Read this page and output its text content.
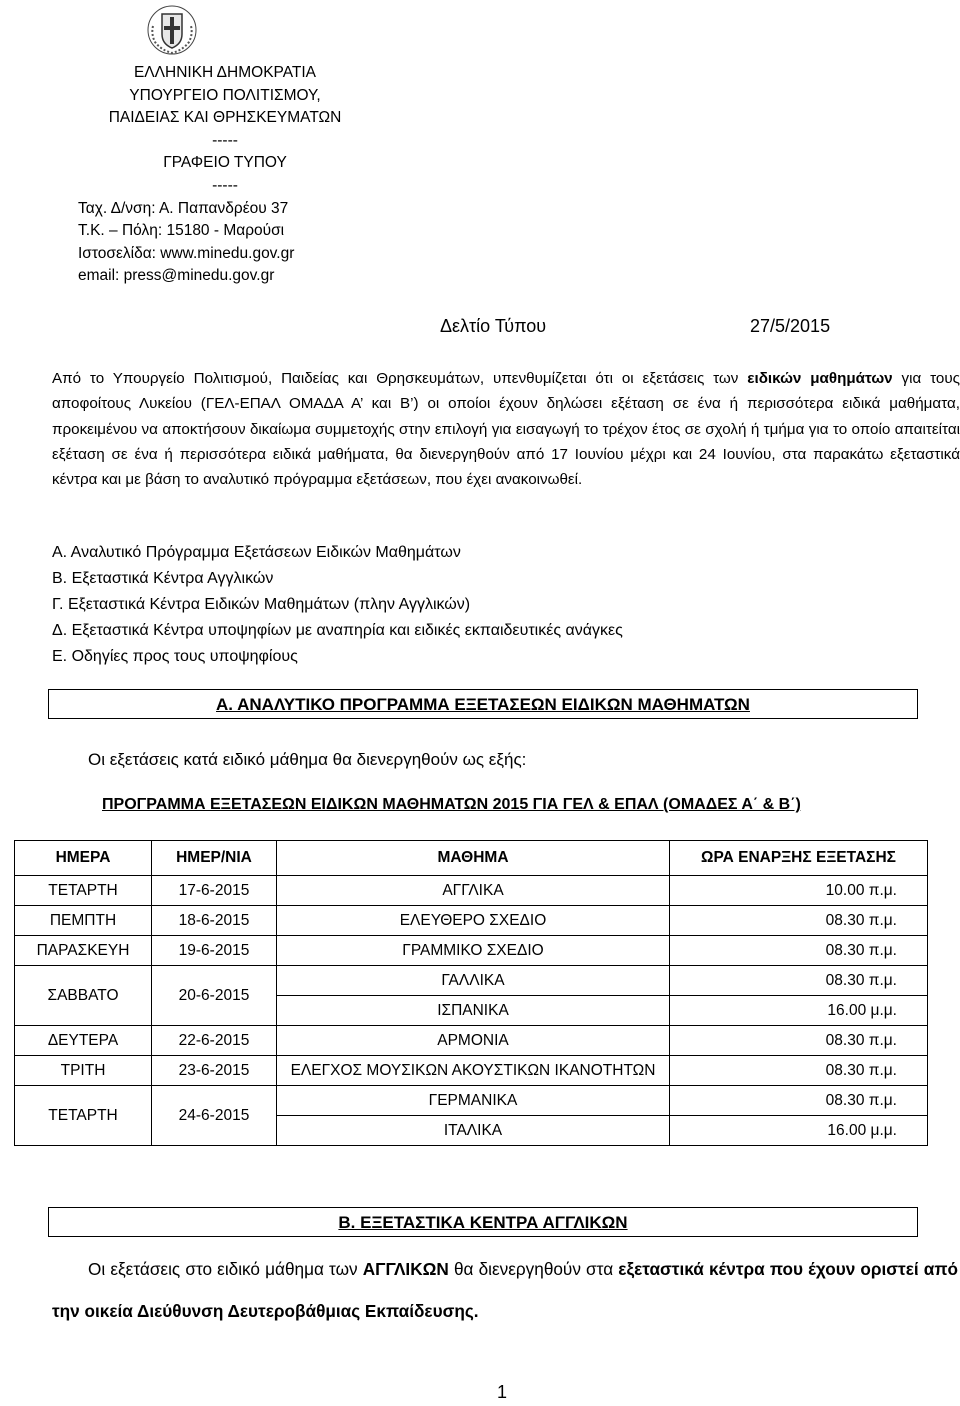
ΕΛΛΗΝΙΚΗ ΔΗΜΟΚΡΑΤΙΑ
ΥΠΟΥΡΓΕΙΟ ΠΟΛΙΤΙΣΜΟΥ,
ΠΑΙΔΕΙΑΣ ΚΑΙ ΘΡΗΣΚΕΥΜΑΤΩΝ
-----
ΓΡΑΦΕΙΟ ΤΥΠΟΥ
-----
Ταχ. Δ/νση: Α. Παπανδρέου 37
Τ.Κ. – Πόλη: 15180 - Μαρούσι
Ιστοσελίδα: www.minedu.gov.gr
email: press@minedu.gov.gr
Δελτίο Τύπου	27/5/2015
Από το Υπουργείο Πολιτισμού, Παιδείας και Θρησκευμάτων, υπενθυμίζεται ότι οι εξετάσεις των ειδικών μαθημάτων για τους αποφοίτους Λυκείου (ΓΕΛ-ΕΠΑΛ ΟΜΑΔΑ Α’ και Β’) οι οποίοι έχουν δηλώσει εξέταση σε ένα ή περισσότερα ειδικά μαθήματα, προκειμένου να αποκτήσουν δικαίωμα συμμετοχής στην επιλογή για εισαγωγή το τρέχον έτος σε σχολή ή τμήμα για το οποίο απαιτείται εξέταση σε ένα ή περισσότερα ειδικά μαθήματα, θα διενεργηθούν από 17 Ιουνίου μέχρι και 24 Ιουνίου, στα παρακάτω εξεταστικά κέντρα και με βάση το αναλυτικό πρόγραμμα εξετάσεων, που έχει ανακοινωθεί.
Α. Αναλυτικό Πρόγραμμα Εξετάσεων Ειδικών Μαθημάτων
Β. Εξεταστικά Κέντρα Αγγλικών
Γ. Εξεταστικά Κέντρα Ειδικών Μαθημάτων (πλην Αγγλικών)
Δ. Εξεταστικά Κέντρα υποψηφίων με αναπηρία και ειδικές εκπαιδευτικές ανάγκες
Ε. Οδηγίες προς τους υποψηφίους
Α. ΑΝΑΛΥΤΙΚΟ ΠΡΟΓΡΑΜΜΑ ΕΞΕΤΑΣΕΩΝ ΕΙΔΙΚΩΝ ΜΑΘΗΜΑΤΩΝ
Οι εξετάσεις κατά ειδικό μάθημα θα διενεργηθούν ως εξής:
ΠΡΟΓΡΑΜΜΑ ΕΞΕΤΑΣΕΩΝ ΕΙΔΙΚΩΝ ΜΑΘΗΜΑΤΩΝ 2015 ΓΙΑ ΓΕΛ & ΕΠΑΛ (ΟΜΑΔΕΣ Α΄ & Β΄)
ΗΜΕΡΑ	ΗΜΕΡ/ΝΙΑ	ΜΑΘΗΜΑ	ΩΡΑ ΕΝΑΡΞΗΣ ΕΞΕΤΑΣΗΣ
ΤΕΤΑΡΤΗ	17-6-2015	ΑΓΓΛΙΚΑ	10.00 π.μ.
ΠΕΜΠΤΗ	18-6-2015	ΕΛΕΥΘΕΡΟ ΣΧΕΔΙΟ	08.30 π.μ.
ΠΑΡΑΣΚΕΥΗ	19-6-2015	ΓΡΑΜΜΙΚΟ ΣΧΕΔΙΟ	08.30 π.μ.
ΣΑΒΒΑΤΟ	20-6-2015	ΓΑΛΛΙΚΑ	08.30 π.μ.
		ΙΣΠΑΝΙΚΑ	16.00 μ.μ.
ΔΕΥΤΕΡΑ	22-6-2015	ΑΡΜΟΝΙΑ	08.30 π.μ.
ΤΡΙΤΗ	23-6-2015	ΕΛΕΓΧΟΣ ΜΟΥΣΙΚΩΝ ΑΚΟΥΣΤΙΚΩΝ ΙΚΑΝΟΤΗΤΩΝ	08.30 π.μ.
ΤΕΤΑΡΤΗ	24-6-2015	ΓΕΡΜΑΝΙΚΑ	08.30 π.μ.
		ΙΤΑΛΙΚΑ	16.00 μ.μ.
Β. ΕΞΕΤΑΣΤΙΚΑ ΚΕΝΤΡΑ ΑΓΓΛΙΚΩΝ
Οι εξετάσεις στο ειδικό μάθημα των ΑΓΓΛΙΚΩΝ θα διενεργηθούν στα εξεταστικά κέντρα που έχουν οριστεί από την οικεία Διεύθυνση Δευτεροβάθμιας Εκπαίδευσης.
1
